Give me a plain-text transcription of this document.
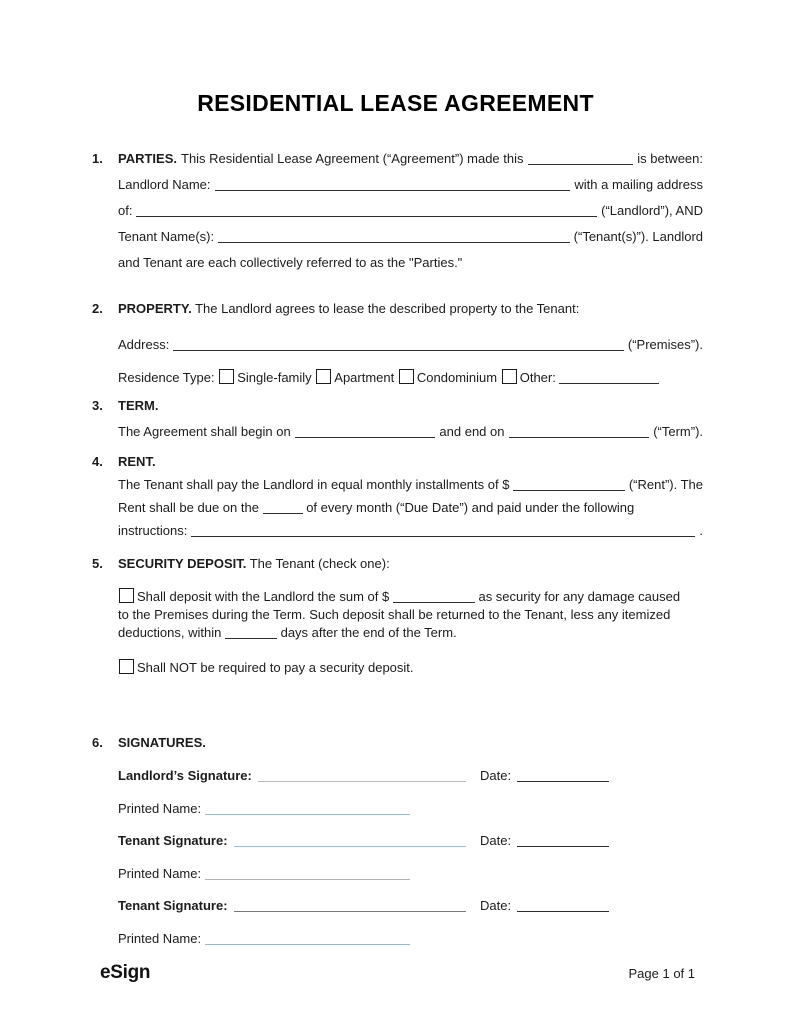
RESIDENTIAL LEASE AGREEMENT
1.	PARTIES. This Residential Lease Agreement (“Agreement”) made this	is between:
Landlord Name:	with a mailing address
of:	(“Landlord”), AND
Tenant Name(s):	(“Tenant(s)”). Landlord
and Tenant are each collectively referred to as the "Parties."
2.	PROPERTY. The Landlord agrees to lease the described property to the Tenant:
Address:	(“Premises”).
Residence Type: Single-family Apartment Condominium Other:
3.	TERM.
The Agreement shall begin on	and end on	(“Term”).
4.	RENT.
The Tenant shall pay the Landlord in equal monthly installments of $	(“Rent”). The
Rent shall be due on the	of every month (“Due Date”) and paid under the following
instructions:	.
5.	SECURITY DEPOSIT. The Tenant (check one):
Shall deposit with the Landlord the sum of $	as security for any damage caused
to the Premises during the Term. Such deposit shall be returned to the Tenant, less any itemized
deductions, within	days after the end of the Term.
Shall NOT be required to pay a security deposit.
6.	SIGNATURES.
Landlord’s Signature:	Date:
Printed Name:
Tenant Signature:	Date:
Printed Name:
Tenant Signature:	Date:
Printed Name:
eSign	Page 1 of 1
